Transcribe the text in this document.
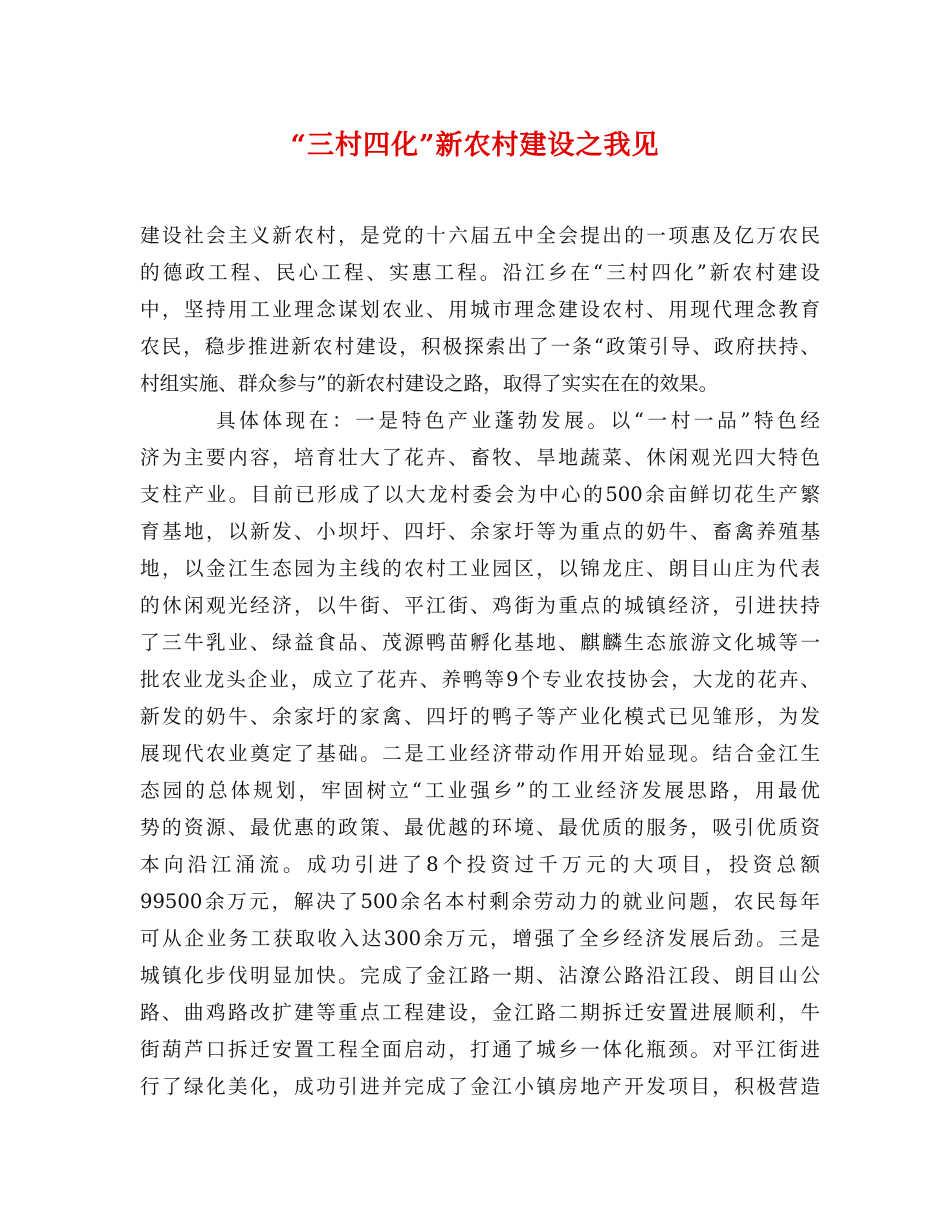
“三村四化”新农村建设之我见
建设社会主义新农村，是党的十六届五中全会提出的一项惠及亿万农民
的德政工程、民心工程、实惠工程。沿江乡在“三村四化”新农村建设
中，坚持用工业理念谋划农业、用城市理念建设农村、用现代理念教育
农民，稳步推进新农村建设，积极探索出了一条“政策引导、政府扶持、
村组实施、群众参与”的新农村建设之路，取得了实实在在的效果。
具体体现在：一是特色产业蓬勃发展。以“一村一品”特色经
济为主要内容，培育壮大了花卉、畜牧、旱地蔬菜、休闲观光四大特色
支柱产业。目前已形成了以大龙村委会为中心的500余亩鲜切花生产繁
育基地，以新发、小坝圩、四圩、余家圩等为重点的奶牛、畜禽养殖基
地，以金江生态园为主线的农村工业园区，以锦龙庄、朗目山庄为代表
的休闲观光经济，以牛街、平江街、鸡街为重点的城镇经济，引进扶持
了三牛乳业、绿益食品、茂源鸭苗孵化基地、麒麟生态旅游文化城等一
批农业龙头企业，成立了花卉、养鸭等9个专业农技协会，大龙的花卉、
新发的奶牛、余家圩的家禽、四圩的鸭子等产业化模式已见雏形，为发
展现代农业奠定了基础。二是工业经济带动作用开始显现。结合金江生
态园的总体规划，牢固树立“工业强乡”的工业经济发展思路，用最优
势的资源、最优惠的政策、最优越的环境、最优质的服务，吸引优质资
本向沿江涌流。成功引进了8个投资过千万元的大项目，投资总额
99500余万元，解决了500余名本村剩余劳动力的就业问题，农民每年
可从企业务工获取收入达300余万元，增强了全乡经济发展后劲。三是
城镇化步伐明显加快。完成了金江路一期、沾潦公路沿江段、朗目山公
路、曲鸡路改扩建等重点工程建设，金江路二期拆迁安置进展顺利，牛
街葫芦口拆迁安置工程全面启动，打通了城乡一体化瓶颈。对平江街进
行了绿化美化，成功引进并完成了金江小镇房地产开发项目，积极营造
